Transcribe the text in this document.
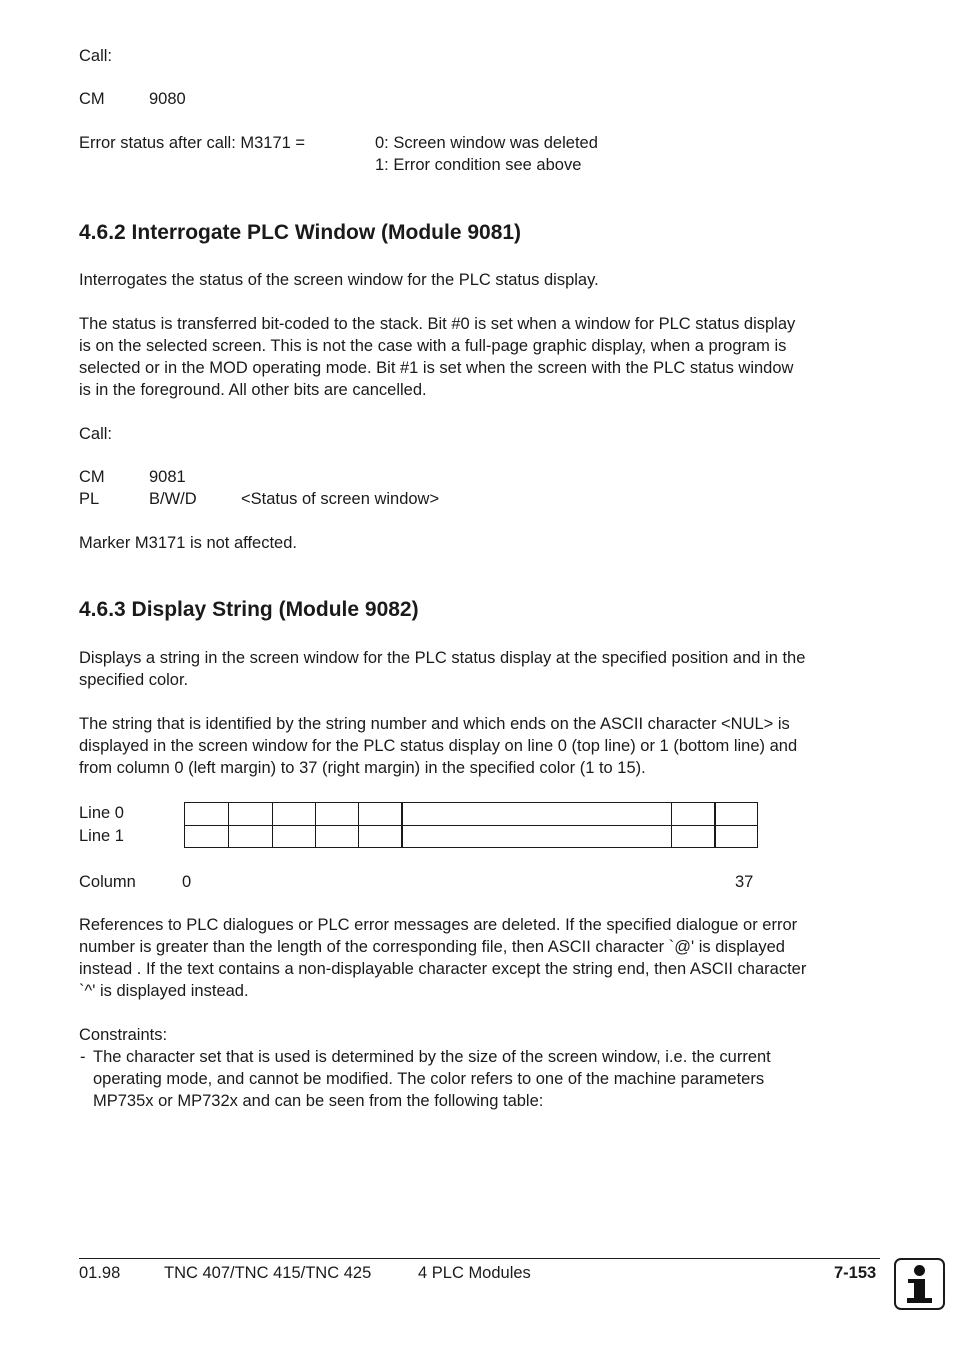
Call:
CM	9080
Error status after call: M3171 =	0: Screen window was deleted
1: Error condition see above
4.6.2 Interrogate PLC Window (Module 9081)
Interrogates the status of the screen window for the PLC status display.
The status is transferred bit-coded to the stack. Bit #0 is set when a window for PLC status display
is on the selected screen. This is not the case with a full-page graphic display, when a program is
selected or in the MOD operating mode. Bit #1 is set when the screen with the PLC status window
is in the foreground. All other bits are cancelled.
Call:
CM	9081
PL	B/W/D	<Status of screen window>
Marker M3171 is not affected.
4.6.3 Display String (Module 9082)
Displays a string in the screen window for the PLC status display at the specified position and in the
specified color.
The string that is identified by the string number and which ends on the ASCII character <NUL> is
displayed in the screen window for the PLC status display on line 0 (top line) or 1 (bottom line) and
from column 0 (left margin) to 37 (right margin) in the specified color (1 to 15).
Line 0
Line 1
Column	0	37
References to PLC dialogues or PLC error messages are deleted. If the specified dialogue or error
number is greater than the length of the corresponding file, then ASCII character `@' is displayed
instead . If the text contains a non-displayable character except the string end, then ASCII character
`^' is displayed instead.
Constraints:
- The character set that is used is determined by the size of the screen window, i.e. the current
operating mode, and cannot be modified. The color refers to one of the machine parameters
MP735x or MP732x and can be seen from the following table:
01.98	TNC 407/TNC 415/TNC 425	4 PLC Modules	7-153
